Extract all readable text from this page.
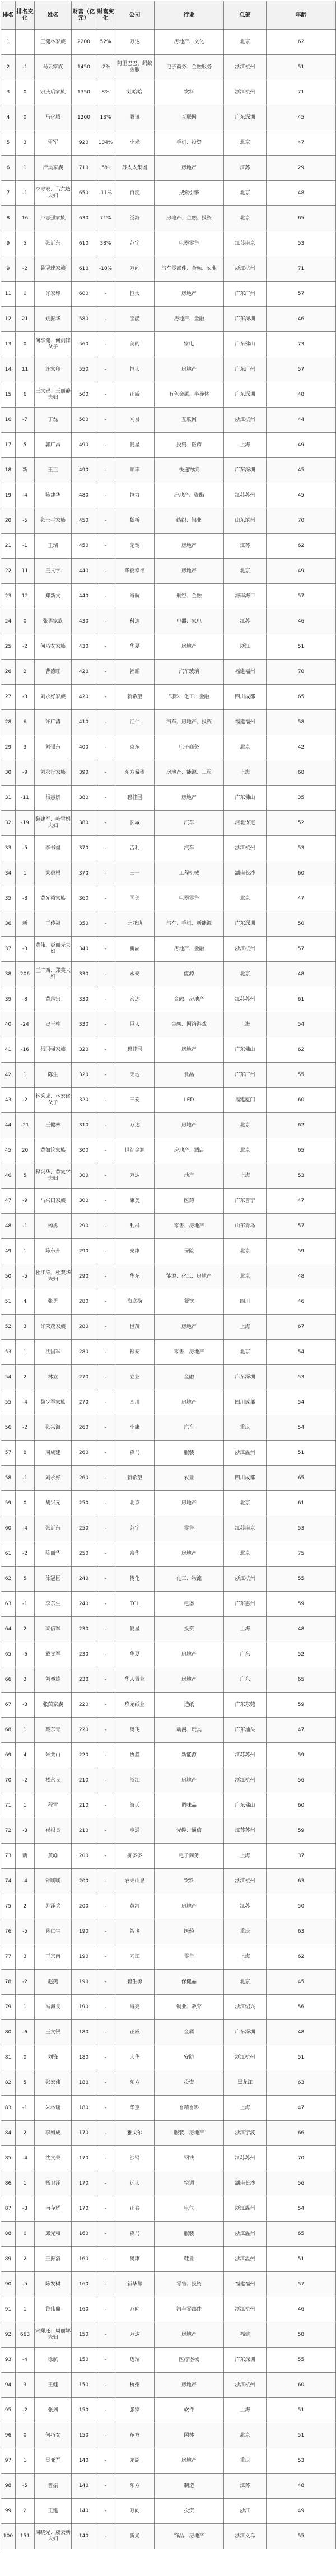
排名	排名变化	姓名	财富（亿元）	财富变化	公司	行业	总部	年龄
1		王健林家族	2200	52%	万达	房地产、文化	北京	62
2	-1	马云家族	1450	-2%	阿里巴巴、蚂蚁金服	电子商务、金融服务	浙江杭州	51
3	0	宗庆后家族	1350	8%	娃哈哈	饮料	浙江杭州	71
4	0	马化腾	1200	13%	腾讯	互联网	广东深圳	45
5	3	雷军	920	104%	小米	手机、投资	北京	47
6	1	严昊家族	710	5%	苏太太集团	房地产	江苏	29
7	-1	李彦宏、马东敏夫妇	650	-11%	百度	搜索引擎	北京	48
8	16	卢志强家族	630	71%	泛海	房地产、金融、投资	北京	65
9	5	张近东	610	38%	苏宁	电器零售	江苏南京	53
9	-2	鲁冠球家族	610	-10%	万向	汽车零部件、金融、农业	浙江杭州	71
11	0	许家印	600	-	恒大	房地产	广东广州	57
12	21	姚振华	580	-	宝能	房地产、金融	广东深圳	46
13	0	何享健、何剑锋父子	560	-	美的	家电	广东佛山	73
14	11	许家印	550	-	恒大	房地产	广东广州	57
15	6	王文银、王丽静夫妇	500	-	正威	有色金属、半导体	广东深圳	48
16	-7	丁磊	500	-	网易	互联网	浙江杭州	44
17	5	郭广昌	490	-	复星	投资、医药	上海	49
18	新	王卫	490	-	顺丰	快递物流	广东深圳	45
19	-4	陈建华	480	-	恒力	房地产、聚酯	江苏苏州	45
20	-5	张士平家族	450	-	魏桥	纺织、铝业	山东滨州	70
21	-1	王瑞	450	-	无锡	房地产	江苏	62
22	11	王文学	440	-	华夏幸福	房地产	北京	49
23	12	郑新文	440	-	海航	航空、金融	海南海口	57
24	0	张勇家族	430	-	科迪	电器、家电	江苏	46
25	-2	何巧女家族	430	-	华夏	房地产	浙江	51
26	2	曹德旺	420	-	福耀	汽车玻璃	福建福州	70
27	-3	刘永好家族	420	-	新希望	饲料、化工、金融	四川成都	65
28	6	许广清	410	-	汇仁	汽车、房地产、投资	福建福州	58
29	3	刘强东	400	-	京东	电子商务	北京	42
30	-9	刘永行家族	390	-	东方希望	房地产、能源、工程	上海	68
31	-11	杨惠妍	380	-	碧桂园	房地产	广东佛山	35
32	-19	魏建军、韩雪娟夫妇	380	-	长城	汽车	河北保定	52
33	-5	李书福	370	-	吉利	汽车	浙江杭州	53
34	1	梁稳根	370	-	三一	工程机械	湖南长沙	60
35	-8	黄光裕家族	360	-	国美	电器零售	北京	47
36	新	王传福	350	-	比亚迪	汽车、手机、新能源	广东深圳	50
37	-3	黄伟、彭丽光夫妇	340	-	新湖	房地产、金融	浙江杭州	57
38	206	王广西、郑英夫妇	330	-	永泰	能源	北京	48
39	-8	黄总宗	330	-	宏达	金融、房地产	江苏苏州	61
40	-24	史玉柱	330	-	巨人	金融、网络游戏	上海	54
41	-16	杨国强家族	320	-	碧桂园	房地产	广东佛山	62
42	1	陈生	320	-	天地	食品	广东广州	55
43	-2	林秀成、林宏修父子	320	-	三安	LED	福建厦门	60
44	-21	王健林	310	-	万达	房地产	北京	62
45	20	黄如论家族	300	-	世纪金源	房地产、酒店	北京	65
46	5	程兴华、黄家学夫妇	300	-	万达	地产	上海	53
47	-9	马兴田家族	300	-	康美	医药	广东普宁	47
48	-1	杨勇	290	-	利群	零售、房地产	山东青岛	57
49	1	陈东升	290	-	泰康	保险	北京	59
50	-5	杜江涛、杜双华夫妇	290	-	华东	能源、化工、房地产	北京	48
51	4	张勇	280	-	海底捞	餐饮	四川	46
52	3	许荣茂家族	280	-	世茂	房地产	上海	67
53	1	沈国军	280	-	银泰	零售、房地产	北京	54
54	2	林立	270	-	立业	金融	广东深圳	53
55	-4	魏少军家族	270	-	四川	房地产	四川成都	54
56	-2	张兴海	260	-	小康	汽车	重庆	54
57	8	周成建	260	-	森马	服装	浙江温州	51
58	-1	刘永好	260	-	新希望	农业	四川成都	65
59	0	胡兴元	250	-	北京	房地产	北京	61
60	-4	张近东	250	-	苏宁	零售	江苏南京	53
61	-2	陈丽华	250	-	富华	房地产	北京	75
62	5	徐冠巨	240	-	传化	化工、物流	浙江杭州	55
63	-1	李东生	240	-	TCL	电器	广东惠州	59
64	2	梁信军	230	-	复星	投资	上海	48
65	-6	戴文军	230	-	华夏	房地产	广东	52
66	3	刘銮雄	230	-	华人置业	房地产	广东	65
67	-3	张茵家族	220	-	玖龙纸业	造纸	广东东莞	59
68	1	蔡东青	220	-	奥飞	动漫、玩具	广东汕头	47
69	4	朱共山	220	-	协鑫	新能源	江苏苏州	59
70	-2	楼永良	210	-	浙江	房地产	浙江杭州	56
71	1	程雪	210	-	海天	调味品	广东佛山	60
72	-3	崔根良	210	-	亨通	光缆、通信	江苏苏州	59
73	新	黄峥	200	-	拼多多	电子商务	上海	37
74	-4	钟睒睒	200	-	农夫山泉	饮料	浙江杭州	63
75	2	苏泽兵	200	-	黄河	房地产	江苏	50
76	-5	蒋仁生	190	-	智飞	医药	重庆	63
77	3	王宗南	190	-	同江	零售	上海	62
78	-2	赵燕	190	-	碧生源	保健品	北京	45
79	1	冯海良	190	-	海亮	铜业、教育	浙江绍兴	56
80	-6	王文银	180	-	正威	金属	广东深圳	48
81	0	刘锋	180	-	大华	安防	浙江杭州	51
82	5	张宏伟	180	-	东方	投资	黑龙江	63
83	-1	朱林瑶	180	-	华宝	香精香料	上海	47
84	2	李如成	170	-	雅戈尔	服装、房地产	浙江宁波	66
85	-4	沈文荣	170	-	沙钢	钢铁	江苏苏州	70
86	1	杨卫泽	170	-	远大	空调	湖南长沙	56
87	-3	南存辉	170	-	正泰	电气	浙江温州	54
88	0	邱光和	160	-	森马	服装	浙江温州	65
89	2	王振滔	160	-	奥康	鞋业	浙江温州	51
90	-5	陈发树	160	-	新华都	零售、投资	福建福州	57
91	1	鲁伟鼎	160	-	万向	汽车零部件	浙江杭州	46
92	663	宋郑还、周丽娜夫妇	150	-	万达	房地产	福建	58
93	-4	徐航	150	-	迈瑞	医疗器械	广东深圳	55
94	3	王健	150	-	杭州	房地产	浙江杭州	60
95	-2	张剑	150	-	张家	软件	上海	51
96	0	何巧女	150	-	东方	园林	北京	51
97	1	吴亚军	140	-	龙湖	房地产	重庆	53
98	-5	曹振	140	-	东方	制造	江苏	48
99	2	王建	140	-	万向	投资	浙江	49
100	151	周晓光、虞云新夫妇	140	-	新光	饰品、房地产	浙江义乌	55
